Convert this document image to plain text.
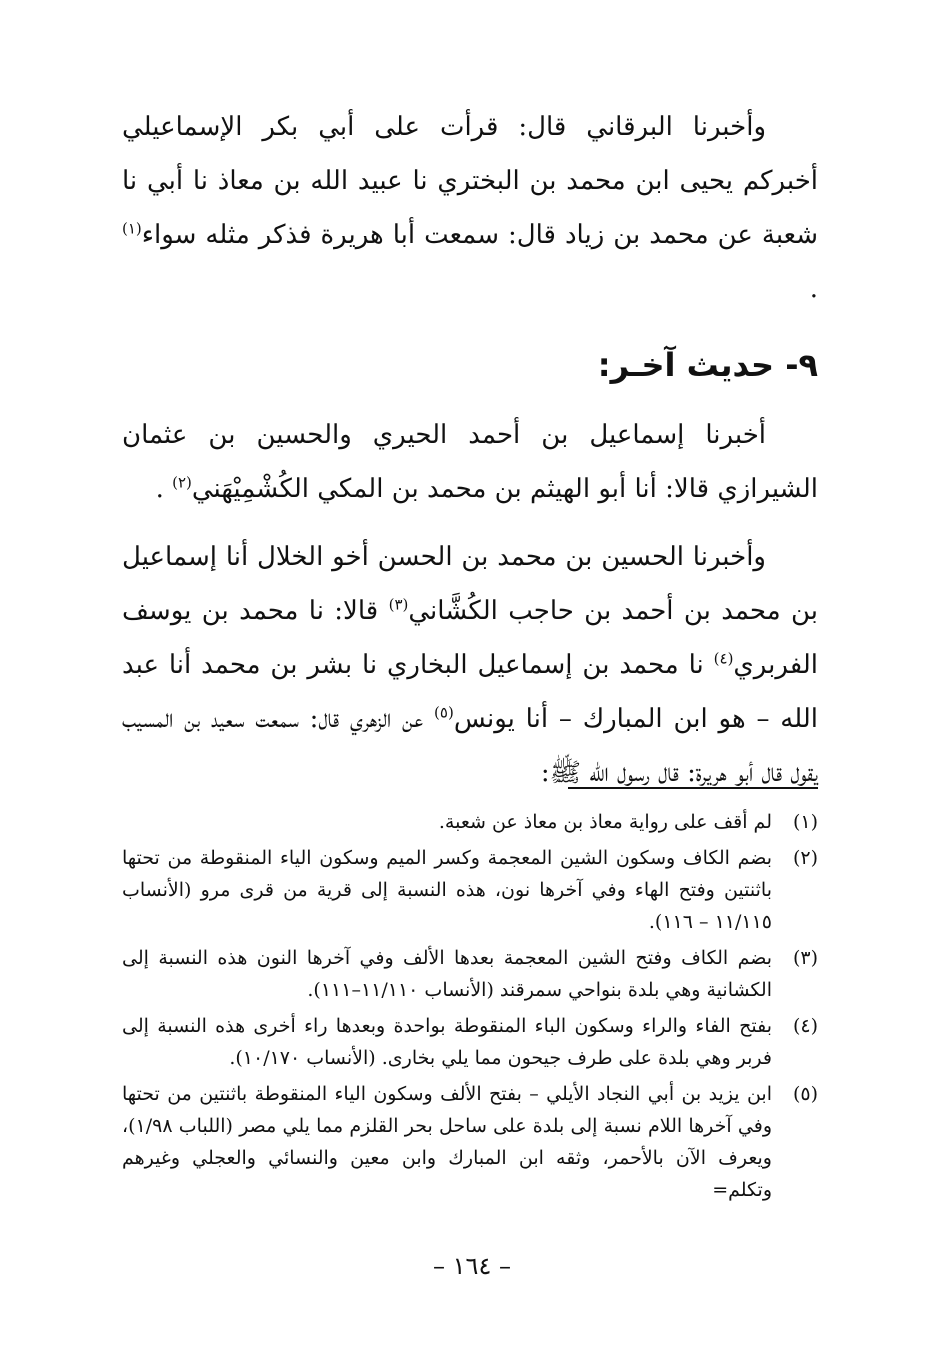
وأخبرنا البرقاني قال: قرأت على أبي بكر الإسماعيلي أخبركم يحيى ابن محمد بن البختري نا عبيد الله بن معاذ نا أبي نا شعبة عن محمد بن زياد قال: سمعت أبا هريرة فذكر مثله سواء$^{(١)}$ .

٩- حديث آخـر:

أخبرنا إسماعيل بن أحمد الحيري والحسين بن عثمان الشيرازي قالا: أنا أبو الهيثم بن محمد بن المكي الكُشْمِيْهَني$^{(٢)}$ .

وأخبرنا الحسين بن محمد بن الحسن أخو الخلال أنا إسماعيل بن محمد بن أحمد بن حاجب الكُشَّاني$^{(٣)}$ قالا: نا محمد بن يوسف الفربري$^{(٤)}$ نا محمد بن إسماعيل البخاري نا بشر بن محمد أنا عبد الله – هو ابن المبارك – أنا يونس$^{(٥)}$ عن الزهري قال: سمعت سعيد بن المسيب يقول قال أبو هريرة: قال رسول الله ﷺ:

(١)
لم أقف على رواية معاذ بن معاذ عن شعبة.
(٢)
بضم الكاف وسكون الشين المعجمة وكسر الميم وسكون الياء المنقوطة من تحتها باثنتين وفتح الهاء وفي آخرها نون، هذه النسبة إلى قرية من قرى مرو (الأنساب ١١/١١٥ – ١١٦).
(٣)
بضم الكاف وفتح الشين المعجمة بعدها الألف وفي آخرها النون هذه النسبة إلى الكشانية وهي بلدة بنواحي سمرقند (الأنساب ١١/١١٠–١١١).
(٤)
بفتح الفاء والراء وسكون الباء المنقوطة بواحدة وبعدها راء أخرى هذه النسبة إلى فربر وهي بلدة على طرف جيحون مما يلي بخارى. (الأنساب ١٠/١٧٠).
(٥)
ابن يزيد بن أبي النجاد الأيلي – بفتح الألف وسكون الياء المنقوطة باثنتين من تحتها وفي آخرها اللام نسبة إلى بلدة على ساحل بحر القلزم مما يلي مصر (اللباب ١/٩٨)، ويعرف الآن بالأحمر، وثقه ابن المبارك وابن معين والنسائي والعجلي وغيرهم وتكلم=
– ١٦٤ –
